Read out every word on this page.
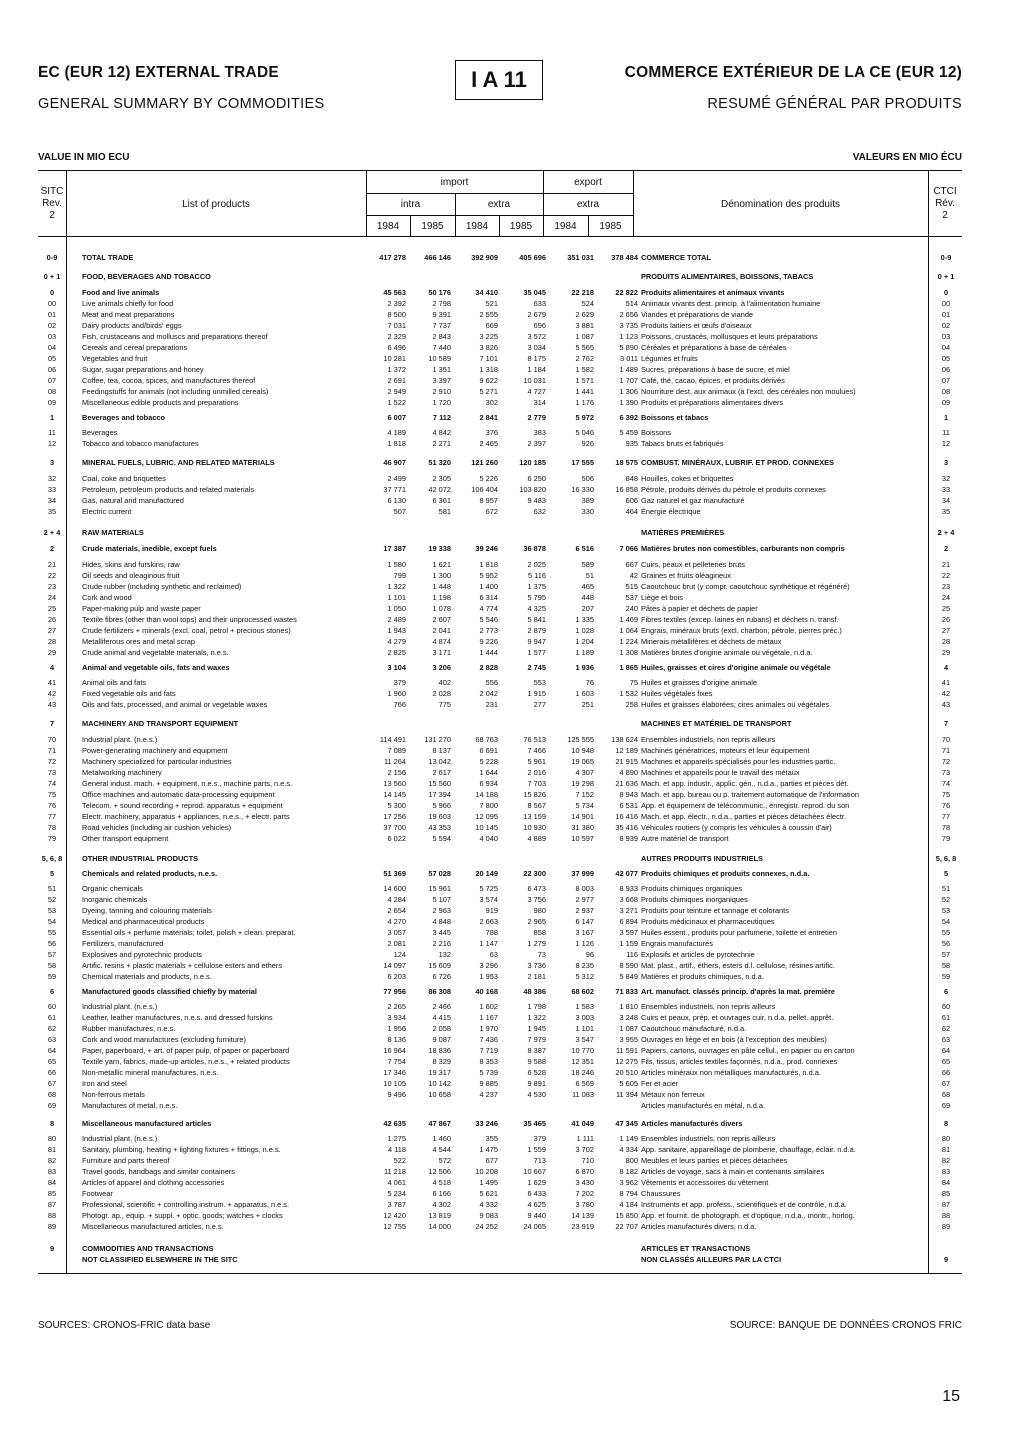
EC (EUR 12) EXTERNAL TRADE
GENERAL SUMMARY BY COMMODITIES
I A 11	COMMERCE EXTÉRIEUR DE LA CE (EUR 12)
RESUMÉ GÉNÉRAL PAR PRODUITS
VALUE IN MIO ECU	VALEURS EN MIO ÉCU
SITC
Rev.
2
List of products
import	export
intra	extra	extra
1984	1985	1984	1985	1984	1985
Dénomination des produits
CTCI
Rév.
2
0-9	TOTAL TRADE	417 278	466 146	392 909	405 696	351 031	378 484 COMMERCE TOTAL	0-9
0 + 1	FOOD, BEVERAGES AND TOBACCO	PRODUITS ALIMENTAIRES, BOISSONS, TABACS	0 + 1
0	Food and live animals	45 563	50 176	34 410	35 045	22 218	22 822 Produits alimentaires et animaux vivants	0
00	Live animals chiefly for food	2 392	2 798	521	633	524	514 Animaux vivants dest. princip. à l'alimentation humaine	00
01	Meat and meat preparations	8 500	9 391	2 555	2 679	2 629	2 656 Viandes et préparations de viande	01
02	Dairy products and/birds' eggs	7 031	7 737	669	696	3 881	3 735 Produits laitiers et œufs d'oiseaux	02
03	Fish, crustaceans and molluscs and preparations thereof	2 329	2 843	3 225	3 572	1 087	1 123 Poissons, crustacés, mollusques et leurs préparations	03
04	Cereals and cereal preparations	6 496	7 440	3 826	3 034	5 565	5 890 Céréales et préparations à base de céréales	04
05	Vegetables and fruit	10 281	10 589	7 101	8 175	2 762	3 011 Légumes et fruits	05
06	Sugar, sugar preparations and honey	1 372	1 351	1 318	1 184	1 582	1 489 Sucres, préparations à base de sucre, et miel	06
07	Coffee, tea, cocoa, spices, and manufactures thereof	2 691	3 397	9 622	10 031	1 571	1 707 Café, thé, cacao, épices, et produits dérivés	07
08	Feedingstuffs for animals (not including unmilled cereals)	2 949	2 910	5 271	4 727	1 441	1 306 Nourriture dest. aux animaux (à l'excl. des céréales non moulues)	08
09	Miscellaneous edible products and preparations	1 522	1 720	302	314	1 176	1 390 Produits et préparations alimentaires divers	09
1	Beverages and tobacco	6 007	7 112	2 841	2 779	5 972	6 392 Boissons et tabacs	1
11	Beverages	4 189	4 842	376	383	5 046	5 459 Boissons	11
12	Tobacco and tobacco manufactures	1 818	2 271	2 465	2 397	926	935 Tabacs bruts et fabriqués	12
3	MINERAL FUELS, LUBRIC. AND RELATED MATERIALS	46 907	51 320	121 260	120 185	17 555	18 575 COMBUST. MINÉRAUX, LUBRIF. ET PROD. CONNEXES	3
32	Coal, coke and briquettes	2 499	2 305	5 226	6 250	506	848 Houilles, cokes et briquettes	32
33	Petroleum, petroleum products and related materials	37 771	42 072	106 404	103 820	16 330	16 858 Pétrole, produits dérivés du pétrole et produits connexes	33
34	Gas, natural and manufactured	6 130	6 361	8 957	9 483	389	606 Gaz naturel et gaz manufacturé	34
35	Electric current	507	581	672	632	330	464 Énergie électrique	35
2 + 4	RAW MATERIALS	MATIÈRES PREMIÈRES	2 + 4
2	Crude materials, inedible, except fuels	17 387	19 338	39 246	36 878	6 516	7 066 Matières brutes non comestibles, carburants non compris	2
21	Hides, skins and furskins, raw	1 580	1 621	1 818	2 025	589	667 Cuirs, peaux et pelleteries bruts	21
22	Oil seeds and oleaginous fruit	799	1 300	5 952	5 116	51	42 Graines et fruits oléagineux	22
23	Crude rubber (including synthetic and reclaimed)	1 322	1 448	1 400	1 375	465	515 Caoutchouc brut (y compr. caoutchouc synthétique et régénéré)	23
24	Cork and wood	1 101	1 198	6 314	5 795	448	537 Liège et bois	24
25	Paper-making pulp and waste paper	1 050	1 078	4 774	4 325	207	240 Pâtes à papier et déchets de papier	25
26	Textile fibres (other than wool tops) and their unprocessed wastes	2 489	2 607	5 546	5 841	1 335	1 469 Fibres textiles (excep. laines en rubans) et déchets n. transf.	26
27	Crude fertilizers + minerals (excl. coal, petrol + precious stones)	1 943	2 041	2 773	2 879	1 028	1 064 Engrais, minéraux bruts (excl. charbon, pétrole, pierres préc.)	27
28	Metalliferous ores and metal scrap	4 279	4 874	9 226	9 947	1 204	1 224 Minerais métallifères et déchets de métaux	28
29	Crude animal and vegetable materials, n.e.s.	2 825	3 171	1 444	1 577	1 189	1 308 Matières brutes d'origine animale ou végétale, n.d.a.	29
4	Animal and vegetable oils, fats and waxes	3 104	3 206	2 828	2 745	1 936	1 865 Huiles, graisses et cires d'origine animale ou végétale	4
41	Animal oils and fats	379	402	556	553	76	75 Huiles et graisses d'origine animale	41
42	Fixed vegetable oils and fats	1 960	2 028	2 042	1 915	1 603	1 532 Huiles végétales fixes	42
43	Oils and fats, processed, and animal or vegetable waxes	766	775	231	277	251	258 Huiles et graisses élaborées; cires animales ou végétales	43
7	MACHINERY AND TRANSPORT EQUIPMENT	MACHINES ET MATÉRIEL DE TRANSPORT	7
70	Industrial plant. (n.e.s.)	114 491	131 270	68 763	76 513	125 555	138 624 Ensembles industriels, non repris ailleurs	70
71	Power-generating machinery and equipment	7 089	8 137	6 691	7 466	10 948	12 189 Machines génératrices, moteurs et leur équipement	71
72	Machinery specialized for particular industries	11 264	13 042	5 228	5 961	19 065	21 915 Machines et appareils spécialisés pour les industries partic.	72
73	Metalworking machinery	2 156	2 617	1 644	2 016	4 307	4 890 Machines et appareils pour le travail des métaux	73
74	General indust. mach. + equipment, n.e.s., machine parts, n.e.s.	13 560	15 560	6 934	7 703	19 298	21 636 Mach. et app. industr., applic. gén., n.d.a., parties et pièces dét.	74
75	Office machines and automatic data-processing equipment	14 145	17 394	14 188	15 826	7 152	8 943 Mach. et app. bureau ou p. traitement automatique de l'information	75
76	Telecom. + sound recording + reprod. apparatus + equipment	5 300	5 966	7 800	8 567	5 734	6 531 App. et équipement de télécommunic., enregistr. reprod. du son	76
77	Electr. machinery, apparatus + appliances, n.e.s., + electr. parts	17 256	19 603	12 095	13 159	14 901	16 416 Mach. et app. électr., n.d.a., parties et pièces détachées électr.	77
78	Road vehicles (including air cushion vehicles)	37 700	43 353	10 145	10 930	31 380	35 416 Véhicules routiers (y compris les véhicules à coussin d'air)	78
79	Other transport equipment	6 022	5 594	4 040	4 889	10 597	8 939 Autre matériel de transport	79
5, 6, 8	OTHER INDUSTRIAL PRODUCTS	AUTRES PRODUITS INDUSTRIELS	5, 6, 8
5	Chemicals and related products, n.e.s.	51 369	57 028	20 149	22 300	37 999	42 077 Produits chimiques et produits connexes, n.d.a.	5
51	Organic chemicals	14 600	15 961	5 725	6 473	8 003	8 933 Produits chimiques organiques	51
52	Inorganic chemicals	4 284	5 107	3 574	3 756	2 977	3 668 Produits chimiques inorganiques	52
53	Dyeing, tanning and colouring materials	2 654	2 963	919	980	2 937	3 271 Produits pour teinture et tannage et colorants	53
54	Medical and pharmaceutical products	4 270	4 848	2 663	2 965	6 147	6 894 Produits médicinaux et pharmaceutiques	54
55	Essential oils + perfume materials; toilet, polish + clean. preparat.	3 057	3 445	788	858	3 167	3 597 Huiles essent., produits pour parfumerie, toilette et entretien	55
56	Fertilizers, manufactured	2 081	2 216	1 147	1 279	1 126	1 159 Engrais manufacturés	56
57	Explosives and pyrotechnic products	124	132	63	73	96	116 Explosifs et articles de pyrotechnie	57
58	Artific. resins + plastic materials + cellulose esters and ethers	14 097	15 609	3 296	3 736	8 235	8 590 Mat. plast., artif., éthers, esters d.l. cellulose, résines artific.	58
59	Chemical materials and products, n.e.s.	6 203	6 726	1 953	2 181	5 312	5 849 Matières et produits chimiques, n.d.a.	59
6	Manufactured goods classified chiefly by material	77 956	86 308	40 168	48 386	68 602	71 833 Art. manufact. classés princip. d'après la mat. première	6
60	Industrial plant. (n.e.s.)	2 265	2 466	1 602	1 798	1 583	1 810 Ensembles industriels, non repris ailleurs	60
61	Leather, leather manufactures, n.e.s. and dressed furskins	3 934	4 415	1 167	1 322	3 003	3 248 Cuirs et peaux, prép. et ouvrages cuir, n.d.a. pellet. apprêt.	61
62	Rubber manufactures, n.e.s.	1 956	2 058	1 970	1 945	1 101	1 087 Caoutchouc manufacturé, n.d.a.	62
63	Cork and wood manufactures (excluding furniture)	8 136	9 087	7 436	7 979	3 547	3 955 Ouvrages en liège et en bois (à l'exception des meubles)	63
64	Paper, paperboard, + art. of paper pulp, of paper or paperboard	16 964	18 836	7 719	8 387	10 770	11 591 Papiers, cartons, ouvrages en pâte cellul., en papier ou en carton	64
65	Textile yarn, fabrics, made-up articles, n.e.s., + related products	7 754	8 329	8 353	9 588	12 351	12 275 Fils, tissus, articles textiles façonnés, n.d.a., prod. connexes	65
66	Non-metallic mineral manufactures, n.e.s.	17 346	19 317	5 739	6 528	18 246	20 510 Articles minéraux non métalliques manufacturés, n.d.a.	66
67	Iron and steel	10 105	10 142	9 885	9 891	6 569	5 605 Fer et acier	67
68	Non-ferrous metals	9 496	10 658	4 237	4 530	11 083	11 394 Métaux non ferreux	68
69	Manufactures of metal, n.e.s.	Articles manufacturés en métal, n.d.a.	69
8	Miscellaneous manufactured articles	42 635	47 867	33 246	35 465	41 049	47 345 Articles manufacturés divers	8
80	Industrial plant, (n.e.s.)	1 275	1 460	355	379	1 111	1 149 Ensembles industriels, non repris ailleurs	80
81	Sanitary, plumbing, heating + lighting fixtures + fittings, n.e.s.	4 118	4 544	1 475	1 559	3 702	4 334 App. sanitaire, appareillage de plomberie, chauffage, éclair. n.d.a.	81
82	Furniture and parts thereof	522	572	677	713	710	800 Meubles et leurs parties et pièces détachées	82
83	Travel goods, handbags and similar containers	11 218	12 506	10 208	10 667	6 870	8 182 Articles de voyage, sacs à main et contenants similaires	83
84	Articles of apparel and clothing accessories	4 061	4 518	1 495	1 629	3 430	3 962 Vêtements et accessoires du vêtement	84
85	Footwear	5 234	6 166	5 621	6 433	7 202	8 794 Chaussures	85
87	Professional, scientific + controlling instrum. + apparatus, n.e.s.	3 787	4 302	4 332	4 625	3 780	4 184 Instruments et app. profess., scientifiques et de contrôle, n.d.a.	87
88	Photogr. ap., equip. + suppl. + optic. goods; watches + clocks	12 420	13 819	9 083	9 440	14 139	15 850 App. et fournit. de photograph. et d'optique, n.d.a., montr., horlog.	88
89	Miscellaneous manufactured articles, n.e.s.	12 755	14 000	24 252	24 065	23 919	22 707 Articles manufacturés divers, n.d.a.	89
9	COMMODITIES AND TRANSACTIONS	ARTICLES ET TRANSACTIONS
NOT CLASSIFIED ELSEWHERE IN THE SITC	NON CLASSÉS AILLEURS PAR LA CTCI	9
SOURCES: CRONOS-FRIC data base	SOURCE: BANQUE DE DONNÉES CRONOS FRIC
15
